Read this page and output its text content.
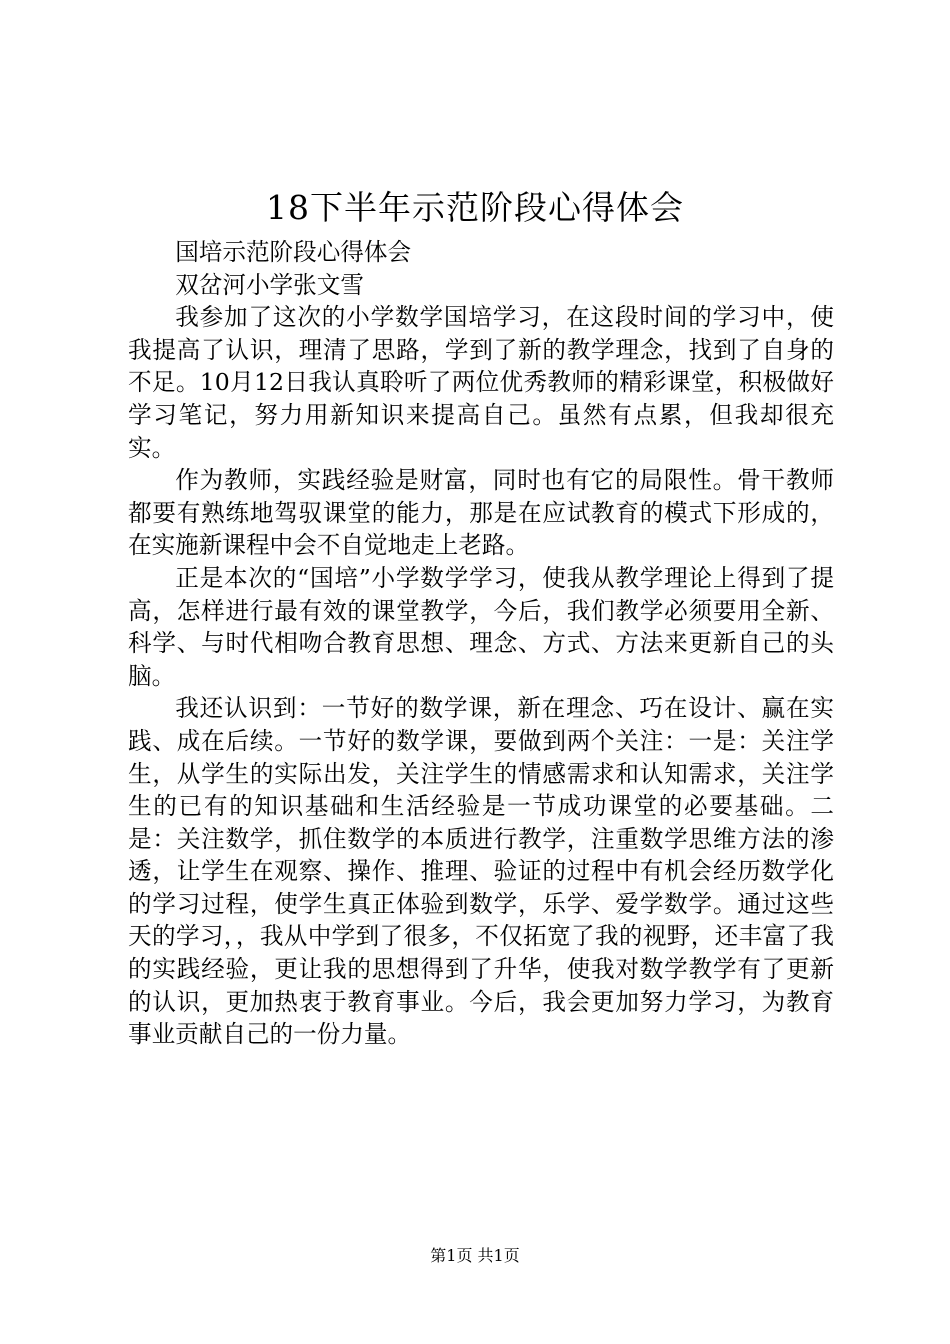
18下半年示范阶段心得体会

国培示范阶段心得体会

双岔河小学张文雪

我参加了这次的小学数学国培学习，在这段时间的学习中，使我提高了认识，理清了思路，学到了新的教学理念，找到了自身的不足。10月12日我认真聆听了两位优秀教师的精彩课堂，积极做好学习笔记，努力用新知识来提高自己。虽然有点累，但我却很充实。

作为教师，实践经验是财富，同时也有它的局限性。骨干教师都要有熟练地驾驭课堂的能力，那是在应试教育的模式下形成的，在实施新课程中会不自觉地走上老路。

正是本次的“国培”小学数学学习，使我从教学理论上得到了提高，怎样进行最有效的课堂教学，今后，我们教学必须要用全新、科学、与时代相吻合教育思想、理念、方式、方法来更新自己的头脑。

我还认识到：一节好的数学课，新在理念、巧在设计、赢在实践、成在后续。一节好的数学课，要做到两个关注：一是：关注学生，从学生的实际出发，关注学生的情感需求和认知需求，关注学生的已有的知识基础和生活经验是一节成功课堂的必要基础。二是：关注数学，抓住数学的本质进行教学，注重数学思维方法的渗透，让学生在观察、操作、推理、验证的过程中有机会经历数学化的学习过程，使学生真正体验到数学，乐学、爱学数学。通过这些天的学习，，我从中学到了很多，不仅拓宽了我的视野，还丰富了我的实践经验，更让我的思想得到了升华，使我对数学教学有了更新的认识，更加热衷于教育事业。今后，我会更加努力学习，为教育事业贡献自己的一份力量。

第1页 共1页
